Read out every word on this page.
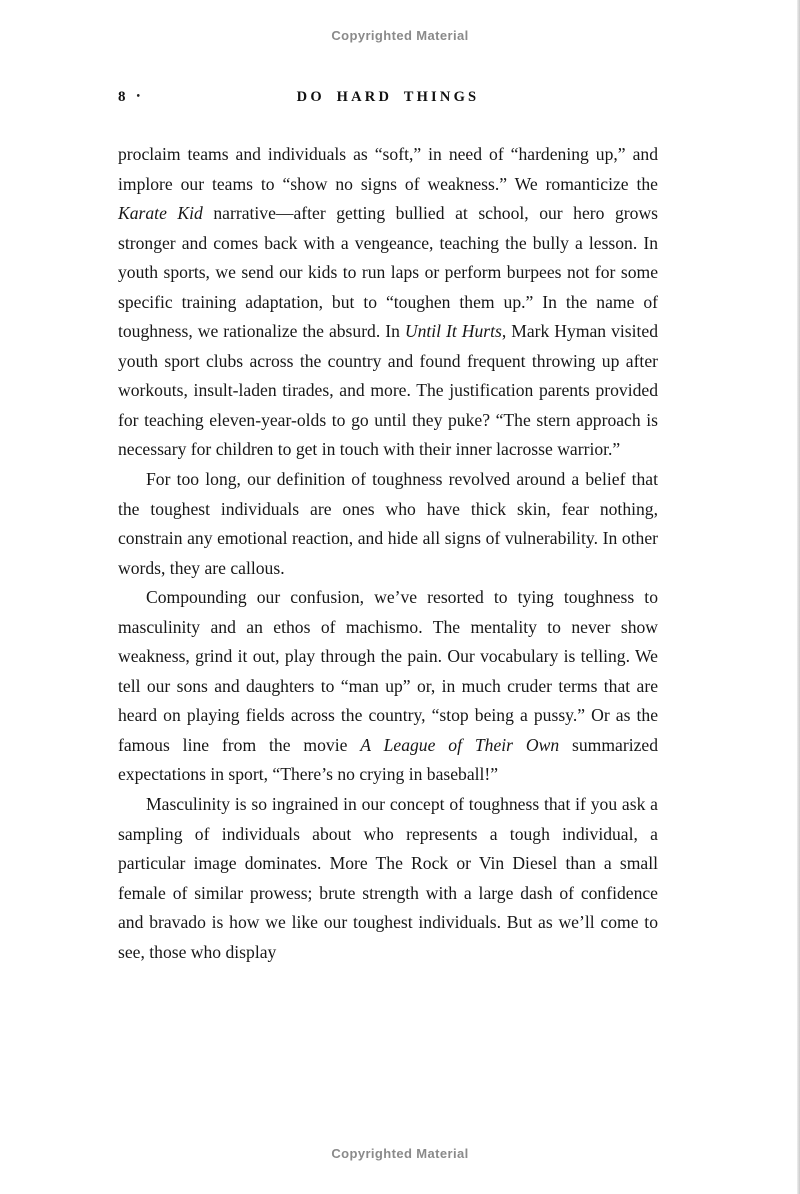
Copyrighted Material
8 •	DO HARD THINGS

proclaim teams and individuals as “soft,” in need of “hardening up,” and implore our teams to “show no signs of weakness.” We romanticize the Karate Kid narrative—after getting bullied at school, our hero grows stronger and comes back with a vengeance, teaching the bully a lesson. In youth sports, we send our kids to run laps or perform burpees not for some specific training adaptation, but to “toughen them up.” In the name of toughness, we rationalize the absurd. In Until It Hurts, Mark Hyman visited youth sport clubs across the country and found frequent throwing up after workouts, insult-laden tirades, and more. The justification parents provided for teaching eleven-year-olds to go until they puke? “The stern approach is necessary for children to get in touch with their inner lacrosse warrior.”

For too long, our definition of toughness revolved around a belief that the toughest individuals are ones who have thick skin, fear nothing, constrain any emotional reaction, and hide all signs of vulnerability. In other words, they are callous.

Compounding our confusion, we’ve resorted to tying toughness to masculinity and an ethos of machismo. The mentality to never show weakness, grind it out, play through the pain. Our vocabulary is telling. We tell our sons and daughters to “man up” or, in much cruder terms that are heard on playing fields across the country, “stop being a pussy.” Or as the famous line from the movie A League of Their Own summarized expectations in sport, “There’s no crying in baseball!”

Masculinity is so ingrained in our concept of toughness that if you ask a sampling of individuals about who represents a tough individual, a particular image dominates. More The Rock or Vin Diesel than a small female of similar prowess; brute strength with a large dash of confidence and bravado is how we like our toughest individuals. But as we’ll come to see, those who display

Copyrighted Material
